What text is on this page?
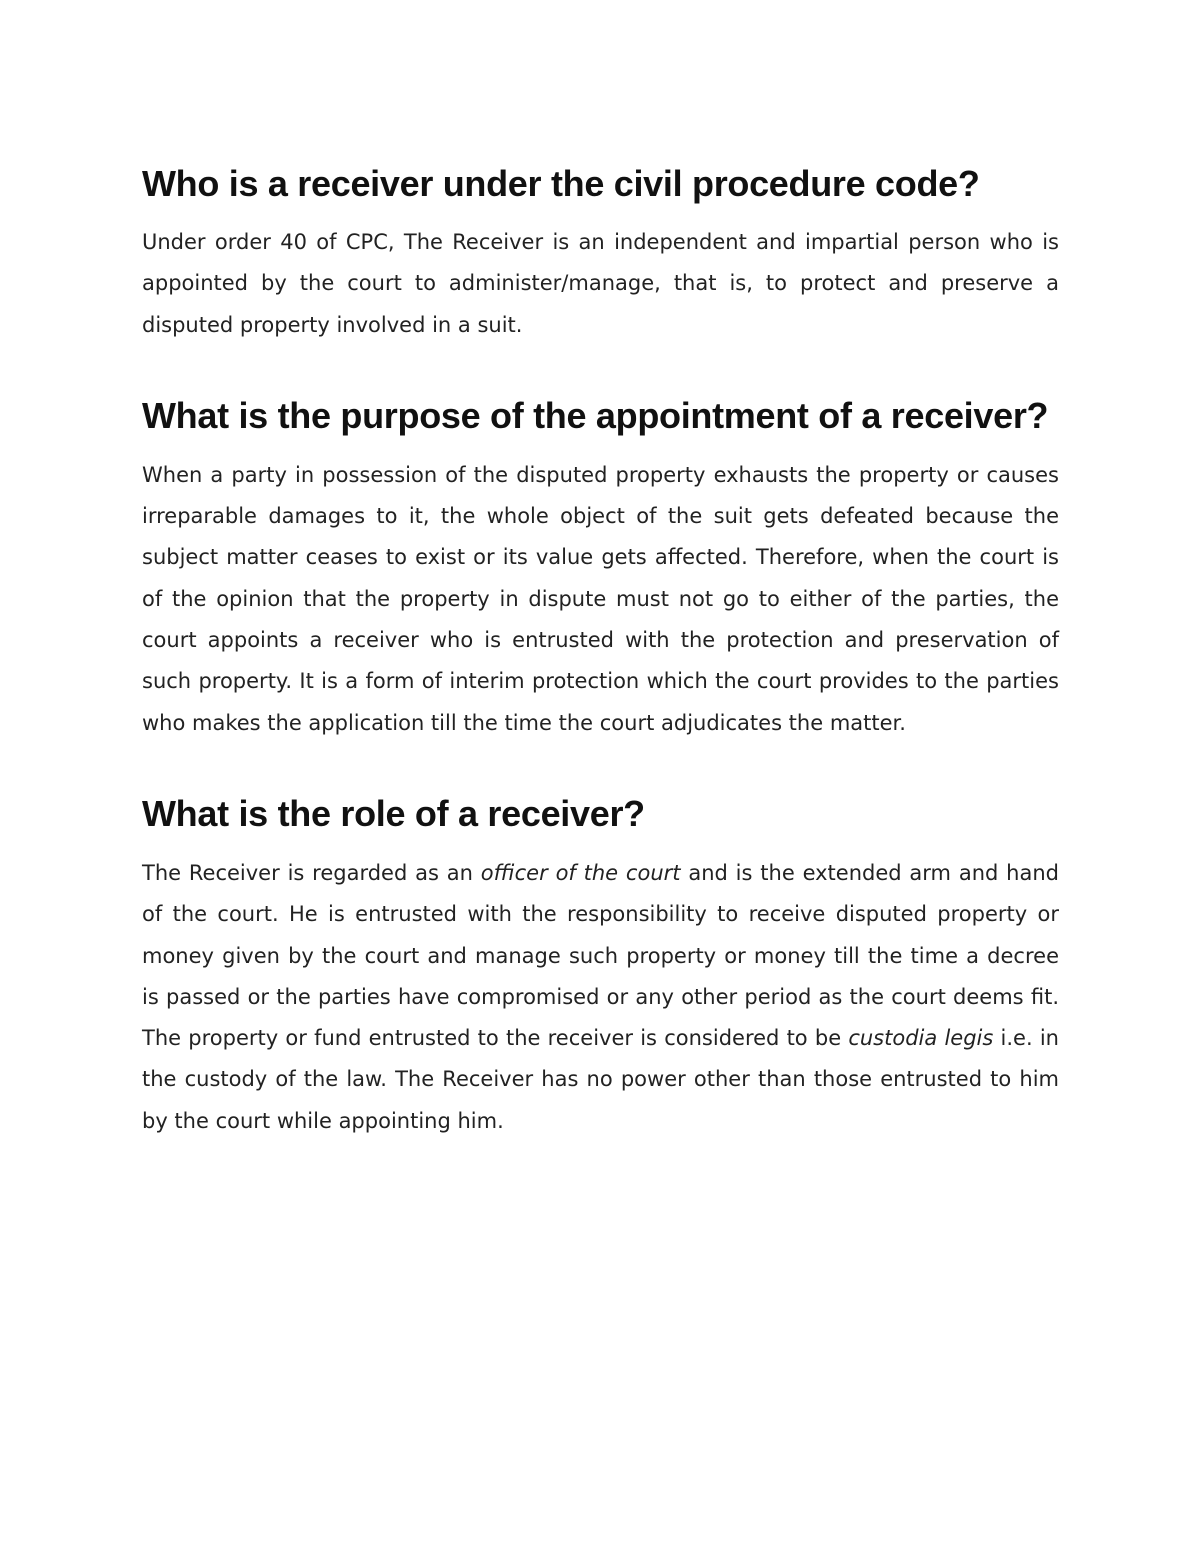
Who is a receiver under the civil procedure code?

Under order 40 of CPC, The Receiver is an independent and impartial person who is appointed by the court to administer/manage, that is, to protect and preserve a disputed property involved in a suit.

What is the purpose of the appointment of a receiver?

When a party in possession of the disputed property exhausts the property or causes irreparable damages to it, the whole object of the suit gets defeated because the subject matter ceases to exist or its value gets affected. Therefore, when the court is of the opinion that the property in dispute must not go to either of the parties, the court appoints a receiver who is entrusted with the protection and preservation of such property. It is a form of interim protection which the court provides to the parties who makes the application till the time the court adjudicates the matter.

What is the role of a receiver?

The Receiver is regarded as an officer of the court and is the extended arm and hand of the court. He is entrusted with the responsibility to receive disputed property or money given by the court and manage such property or money till the time a decree is passed or the parties have compromised or any other period as the court deems fit. The property or fund entrusted to the receiver is considered to be custodia legis i.e. in the custody of the law. The Receiver has no power other than those entrusted to him by the court while appointing him.
